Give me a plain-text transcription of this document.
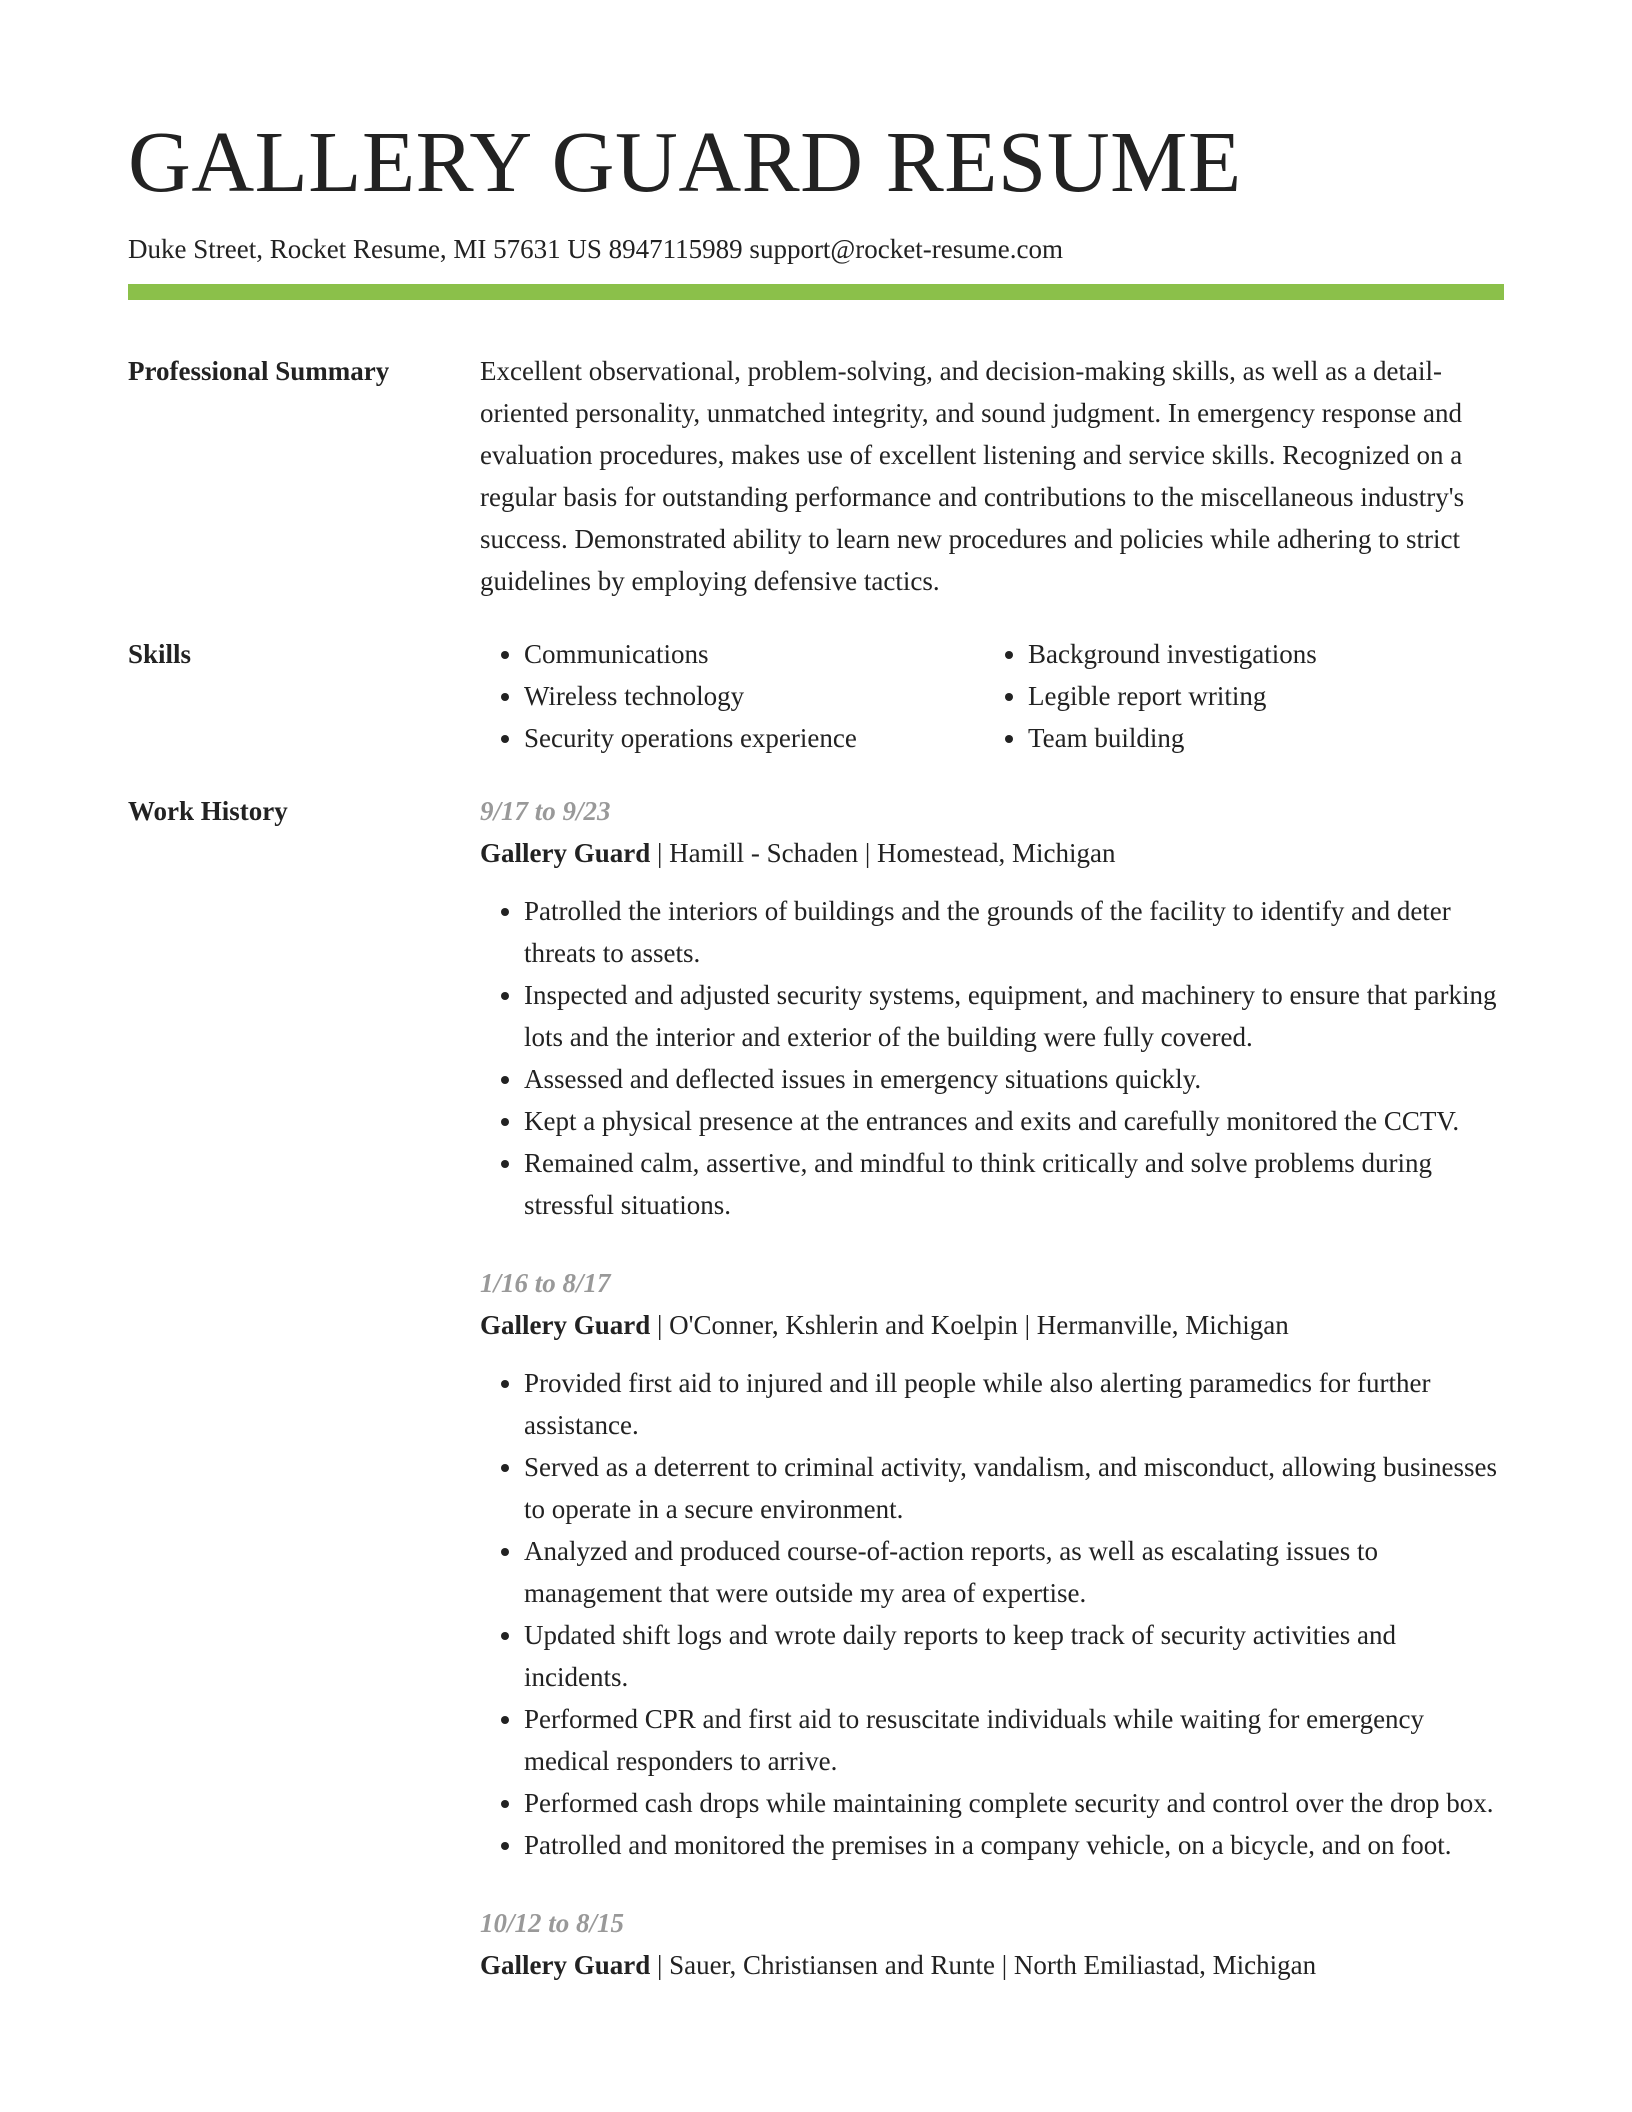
GALLERY GUARD RESUME
Duke Street, Rocket Resume, MI 57631 US 8947115989 support@rocket-resume.com
Professional Summary	Excellent observational, problem-solving, and decision-making skills, as well as a detail-oriented personality, unmatched integrity, and sound judgment. In emergency response and evaluation procedures, makes use of excellent listening and service skills. Recognized on a regular basis for outstanding performance and contributions to the miscellaneous industry's success. Demonstrated ability to learn new procedures and policies while adhering to strict guidelines by employing defensive tactics.
Skills
•	Communications
• Wireless technology
• Security operations experience
• Background investigations
• Legible report writing
• Team building
Work History	9/17 to 9/23
Gallery Guard | Hamill - Schaden | Homestead, Michigan
• Patrolled the interiors of buildings and the grounds of the facility to identify and deter threats to assets.
• Inspected and adjusted security systems, equipment, and machinery to ensure that parking lots and the interior and exterior of the building were fully covered.
• Assessed and deflected issues in emergency situations quickly.
• Kept a physical presence at the entrances and exits and carefully monitored the CCTV.
• Remained calm, assertive, and mindful to think critically and solve problems during stressful situations.
1/16 to 8/17
Gallery Guard | O'Conner, Kshlerin and Koelpin | Hermanville, Michigan
• Provided first aid to injured and ill people while also alerting paramedics for further assistance.
• Served as a deterrent to criminal activity, vandalism, and misconduct, allowing businesses to operate in a secure environment.
• Analyzed and produced course-of-action reports, as well as escalating issues to management that were outside my area of expertise.
• Updated shift logs and wrote daily reports to keep track of security activities and incidents.
• Performed CPR and first aid to resuscitate individuals while waiting for emergency medical responders to arrive.
• Performed cash drops while maintaining complete security and control over the drop box.
• Patrolled and monitored the premises in a company vehicle, on a bicycle, and on foot.
10/12 to 8/15
Gallery Guard | Sauer, Christiansen and Runte | North Emiliastad, Michigan
